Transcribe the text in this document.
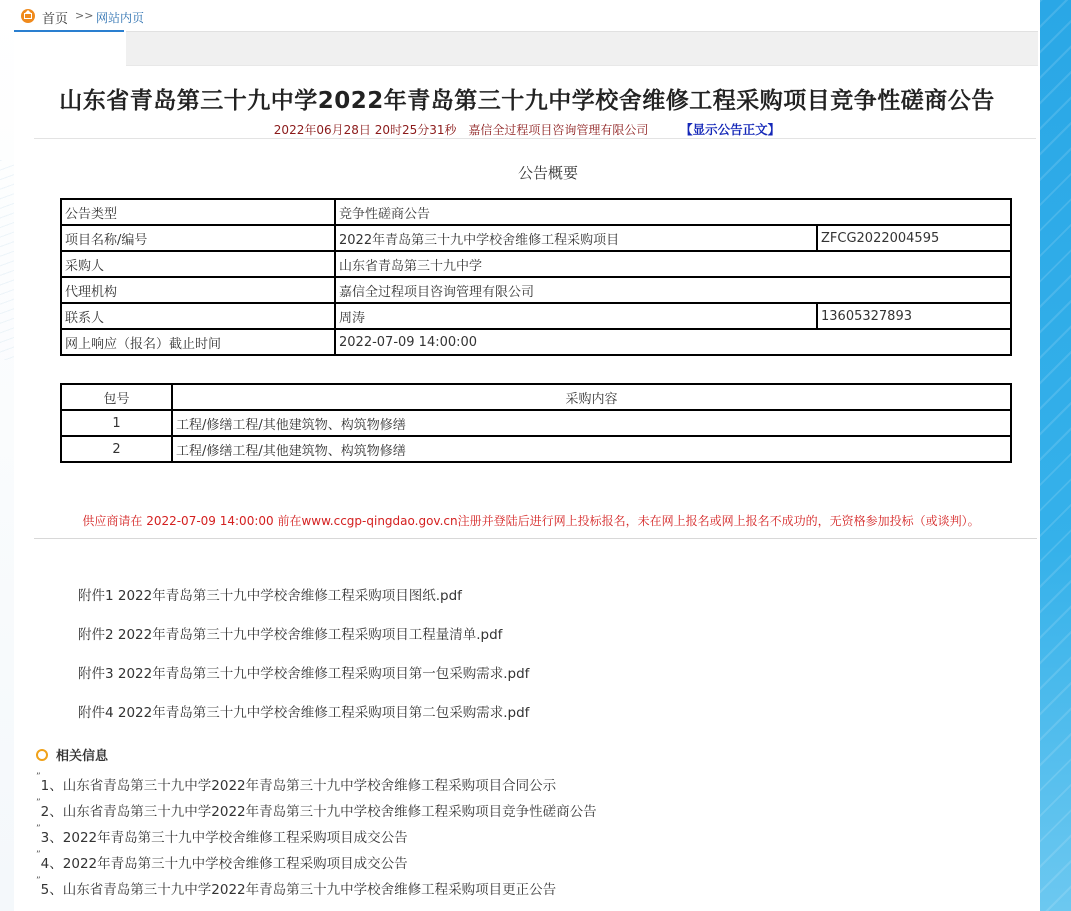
首页 >> 网站内页
山东省青岛第三十九中学2022年青岛第三十九中学校舍维修工程采购项目竞争性磋商公告
2022年06月28日 20时25分31秒 嘉信全过程项目咨询管理有限公司	【显示公告正文】
公告概要
公告类型	竞争性磋商公告	
项目名称/编号	2022年青岛第三十九中学校舍维修工程采购项目	ZFCG2022004595
采购人	山东省青岛第三十九中学	
代理机构	嘉信全过程项目咨询管理有限公司	
联系人	周涛	13605327893
网上响应（报名）截止时间	2022-07-09 14:00:00	
包号	采购内容
1	工程/修缮工程/其他建筑物、构筑物修缮
2	工程/修缮工程/其他建筑物、构筑物修缮
供应商请在 2022-07-09 14:00:00 前在www.ccgp-qingdao.gov.cn注册并登陆后进行网上投标报名，未在网上报名或网上报名不成功的，无资格参加投标（或谈判）。
附件1 2022年青岛第三十九中学校舍维修工程采购项目图纸.pdf
附件2 2022年青岛第三十九中学校舍维修工程采购项目工程量清单.pdf
附件3 2022年青岛第三十九中学校舍维修工程采购项目第一包采购需求.pdf
附件4 2022年青岛第三十九中学校舍维修工程采购项目第二包采购需求.pdf
相关信息
”1、山东省青岛第三十九中学2022年青岛第三十九中学校舍维修工程采购项目合同公示
”2、山东省青岛第三十九中学2022年青岛第三十九中学校舍维修工程采购项目竞争性磋商公告
”3、2022年青岛第三十九中学校舍维修工程采购项目成交公告
”4、2022年青岛第三十九中学校舍维修工程采购项目成交公告
”5、山东省青岛第三十九中学2022年青岛第三十九中学校舍维修工程采购项目更正公告
